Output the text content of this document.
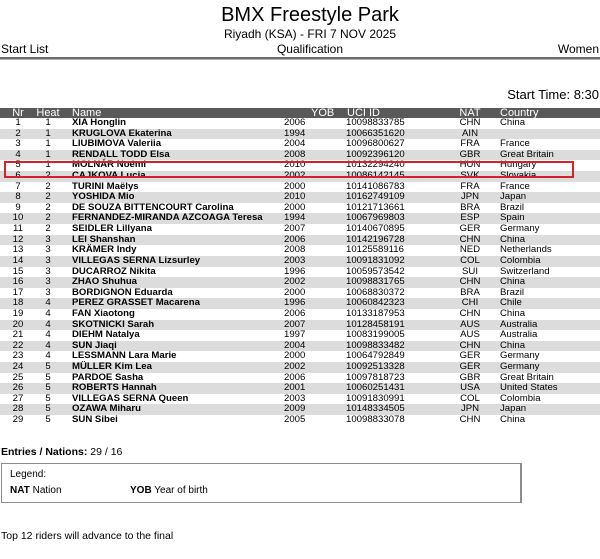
BMX Freestyle Park
Riyadh (KSA) - FRI 7 NOV 2025
Start List	Qualification	Women
Start Time: 8:30
Nr	Heat Name	YOB UCI ID	NAT	Country
1	1	XIA Honglin	2006	10098833785	CHN	China
2	1	KRUGLOVA Ekaterina	1994	10066351620	AIN
3	1	LIUBIMOVA Valeriia	2004	10096800627	FRA	France
4	1	RENDALL TODD Elsa	2008	10092396120	GBR	Great Britain
5	1	MOLNÁR Noémi	2010	10132294240	HUN	Hungary
6	2	CAJKOVA Lucia	2002	10086142145	SVK	Slovakia
7	2	TURINI Maëlys	2000	10141086783	FRA	France
8	2	YOSHIDA Mio	2010	10162749109	JPN	Japan
9	2	DE SOUZA BITTENCOURT Carolina	2000	10121713661	BRA	Brazil
10	2	FERNANDEZ-MIRANDA AZCOAGA Teresa 1994	10067969803	ESP	Spain
11	2	SEIDLER Lillyana	2007	10140670895	GER	Germany
12	3	LEI Shanshan	2006	10142196728	CHN	China
13	3	KRÄMER Indy	2008	10125589116	NED	Netherlands
14	3	VILLEGAS SERNA Lizsurley	2003	10091831092	COL	Colombia
15	3	DUCARROZ Nikita	1996	10059573542	SUI	Switzerland
16	3	ZHAO Shuhua	2002	10098831765	CHN	China
17	3	BORDIGNON Eduarda	2000	10068830372	BRA	Brazil
18	4	PEREZ GRASSET Macarena	1996	10060842323	CHI	Chile
19	4	FAN Xiaotong	2006	10133187953	CHN	China
20	4	SKOTNICKI Sarah	2007	10128458191	AUS	Australia
21	4	DIEHM Natalya	1997	10083199005	AUS	Australia
22	4	SUN Jiaqi	2004	10098833482	CHN	China
23	4	LESSMANN Lara Marie	2000	10064792849	GER	Germany
24	5	MÜLLER Kim Lea	2002	10092513328	GER	Germany
25	5	PARDOE Sasha	2006	10097818723	GBR	Great Britain
26	5	ROBERTS Hannah	2001	10060251431	USA	United States
27	5	VILLEGAS SERNA Queen	2003	10091830991	COL	Colombia
28	5	OZAWA Miharu	2009	10148334505	JPN	Japan
29	5	SUN Sibei	2005	10098833078	CHN	China
Entries / Nations: 29 / 16
Legend:
NAT Nation	YOB Year of birth
Top 12 riders will advance to the final
